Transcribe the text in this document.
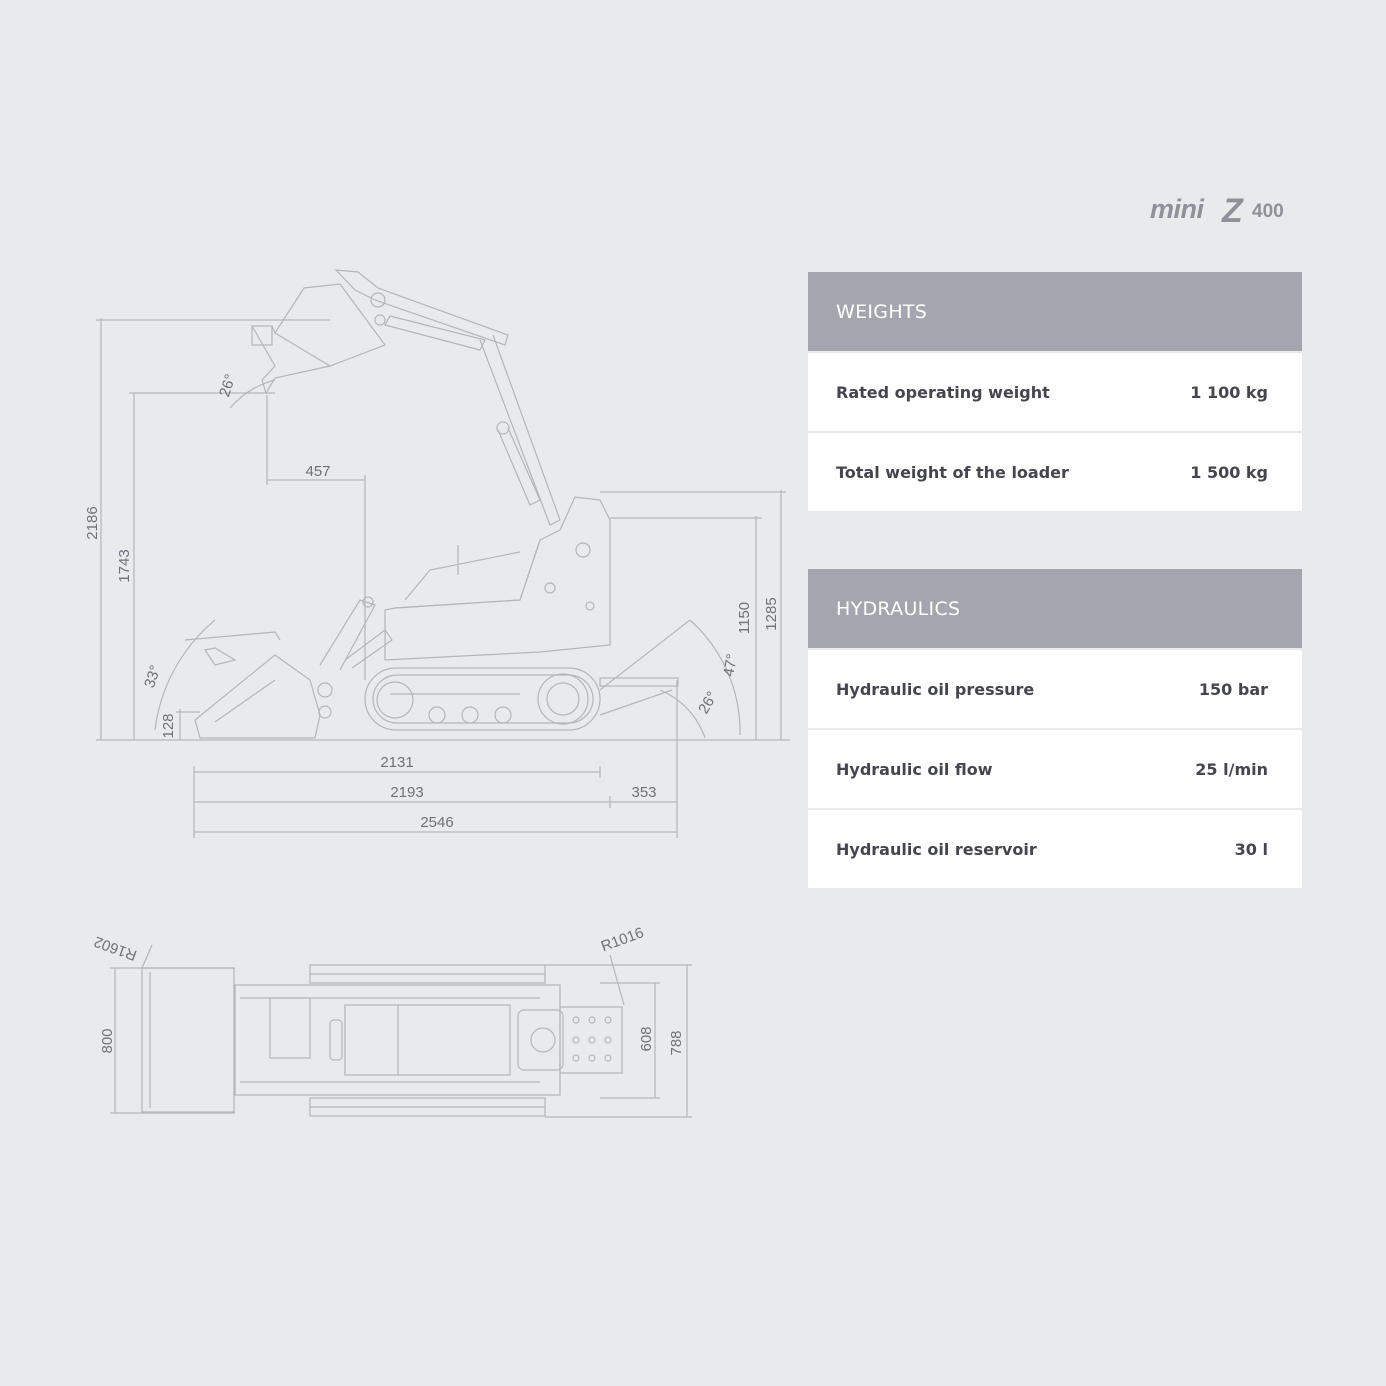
26°
457
2186
1743
33°
128
1150 1285
47°
26°
2131
2193	353
2546
R1602	R1016
800	608 788
mini Z 400
WEIGHTS
Rated operating weight	1 100 kg
Total weight of the loader	1 500 kg
HYDRAULICS
Hydraulic oil pressure	150 bar
Hydraulic oil flow	25 l/min
Hydraulic oil reservoir	30 l
